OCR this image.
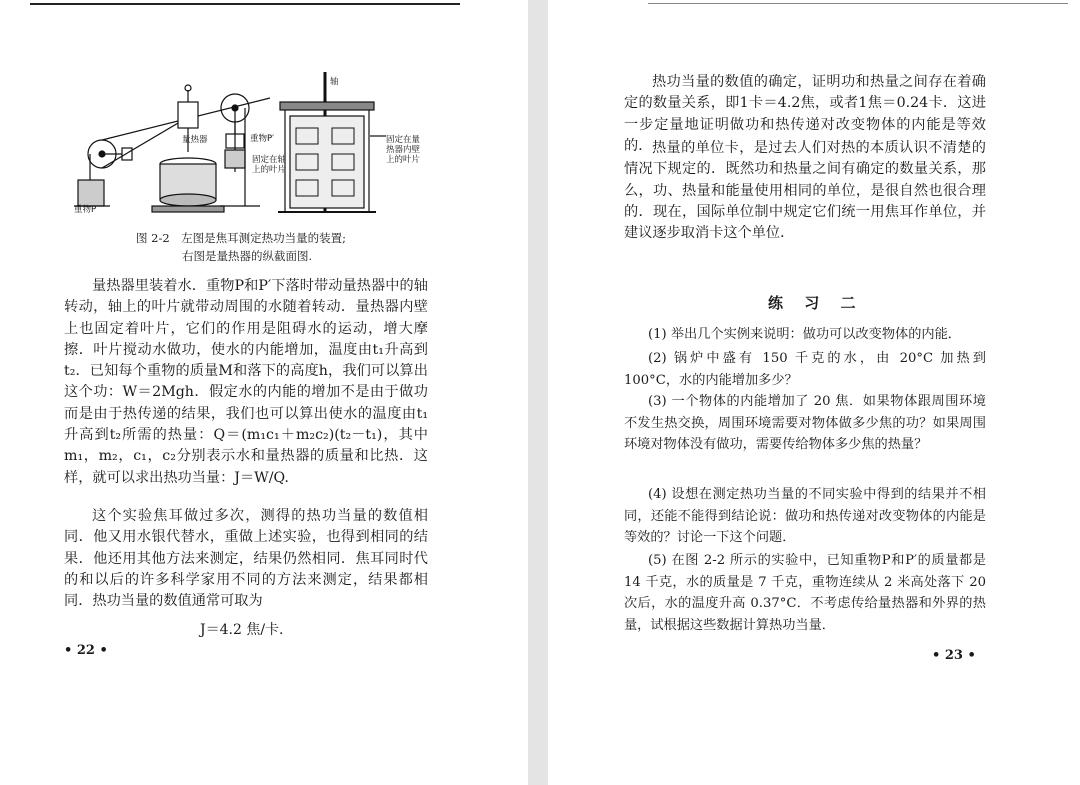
重物P
量热器	重物P′
固定在轴上的叶片
轴
固定在量热器内壁上的叶片
图 2-2　左图是焦耳测定热功当量的装置;
右图是量热器的纵截面图.

量热器里装着水．重物P和P′下落时带动量热器中的轴转动，轴上的叶片就带动周围的水随着转动．量热器内壁上也固定着叶片，它们的作用是阻碍水的运动，增大摩擦．叶片搅动水做功，使水的内能增加，温度由t₁升高到t₂．已知每个重物的质量M和落下的高度h，我们可以算出这个功：W＝2Mgh．假定水的内能的增加不是由于做功而是由于热传递的结果，我们也可以算出使水的温度由t₁升高到t₂所需的热量：Q＝(m₁c₁＋m₂c₂)(t₂－t₁)，其中m₁，m₂，c₁，c₂分别表示水和量热器的质量和比热．这样，就可以求出热功当量：J＝W/Q.

这个实验焦耳做过多次，测得的热功当量的数值相同．他又用水银代替水，重做上述实验，也得到相同的结果．他还用其他方法来测定，结果仍然相同．焦耳同时代的和以后的许多科学家用不同的方法来测定，结果都相同．热功当量的数值通常可取为

J＝4.2 焦/卡.
• 22 •

热功当量的数值的确定，证明功和热量之间存在着确定的数量关系，即1卡＝4.2焦，或者1焦＝0.24卡．这进一步定量地证明做功和热传递对改变物体的内能是等效的． 热量的单位卡，是过去人们对热的本质认识不清楚的情况下规定的．既然功和热量之间有确定的数量关系，那么，功、热量和能量使用相同的单位，是很自然也很合理的．现在，国际单位制中规定它们统一用焦耳作单位，并建议逐步取消卡这个单位．

练 习 二

(1) 举出几个实例来说明：做功可以改变物体的内能．

(2) 锅炉中盛有 150 千克的水，由 20°C 加热到 100°C，水的内能增加多少？

(3) 一个物体的内能增加了 20 焦．如果物体跟周围环境不发生热交换，周围环境需要对物体做多少焦的功？如果周围环境对物体没有做功，需要传给物体多少焦的热量？

(4) 设想在测定热功当量的不同实验中得到的结果并不相同，还能不能得到结论说：做功和热传递对改变物体的内能是等效的？讨论一下这个问题．

(5) 在图 2-2 所示的实验中，已知重物P和P′的质量都是 14 千克，水的质量是 7 千克，重物连续从 2 米高处落下 20 次后，水的温度升高 0.37°C．不考虑传给量热器和外界的热量，试根据这些数据计算热功当量．

• 23 •
